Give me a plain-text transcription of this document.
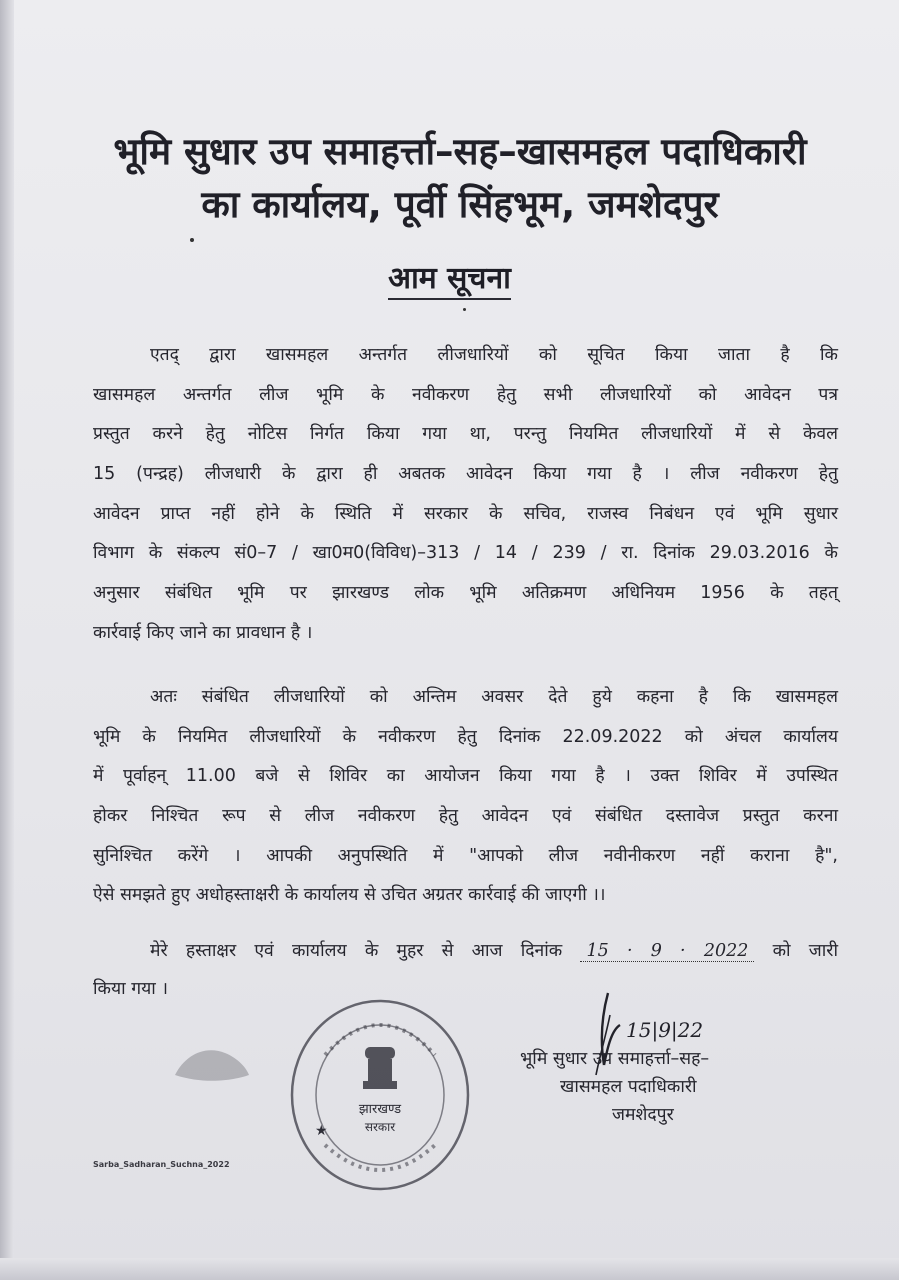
भूमि सुधार उप समाहर्त्ता–सह–खासमहल पदाधिकारी
का कार्यालय, पूर्वी सिंहभूम, जमशेदपुर
आम सूचना
एतद् द्वारा खासमहल अन्तर्गत लीजधारियों को सूचित किया जाता है कि
खासमहल अन्तर्गत लीज भूमि के नवीकरण हेतु सभी लीजधारियों को आवेदन पत्र
प्रस्तुत करने हेतु नोटिस निर्गत किया गया था, परन्तु नियमित लीजधारियों में से केवल
15 (पन्द्रह) लीजधारी के द्वारा ही अबतक आवेदन किया गया है । लीज नवीकरण हेतु
आवेदन प्राप्त नहीं होने के स्थिति में सरकार के सचिव, राजस्व निबंधन एवं भूमि सुधार
विभाग के संकल्प सं0–7 / खा0म0(विविध)–313 / 14 / 239 / रा. दिनांक 29.03.2016 के
अनुसार संबंधित भूमि पर झारखण्ड लोक भूमि अतिक्रमण अधिनियम 1956 के तहत्
कार्रवाई किए जाने का प्रावधान है ।
अतः संबंधित लीजधारियों को अन्तिम अवसर देते हुये कहना है कि खासमहल
भूमि के नियमित लीजधारियों के नवीकरण हेतु दिनांक 22.09.2022 को अंचल कार्यालय
में पूर्वाहन् 11.00 बजे से शिविर का आयोजन किया गया है । उक्त शिविर में उपस्थित
होकर निश्चित रूप से लीज नवीकरण हेतु आवेदन एवं संबंधित दस्तावेज प्रस्तुत करना
सुनिश्चित करेंगे । आपकी अनुपस्थिति में "आपको लीज नवीनीकरण नहीं कराना है",
ऐसे समझते हुए अधोहस्ताक्षरी के कार्यालय से उचित अग्रतर कार्रवाई की जाएगी ।।
मेरे हस्ताक्षर एवं कार्यालय के मुहर से आज दिनांक 15 · 9 · 2022 को जारी
किया गया ।
15|9|22
भूमि सुधार उप समाहर्त्ता–सह–
खासमहल पदाधिकारी
जमशेदपुर
झारखण्ड
सरकार
★
Sarba_Sadharan_Suchna_2022
